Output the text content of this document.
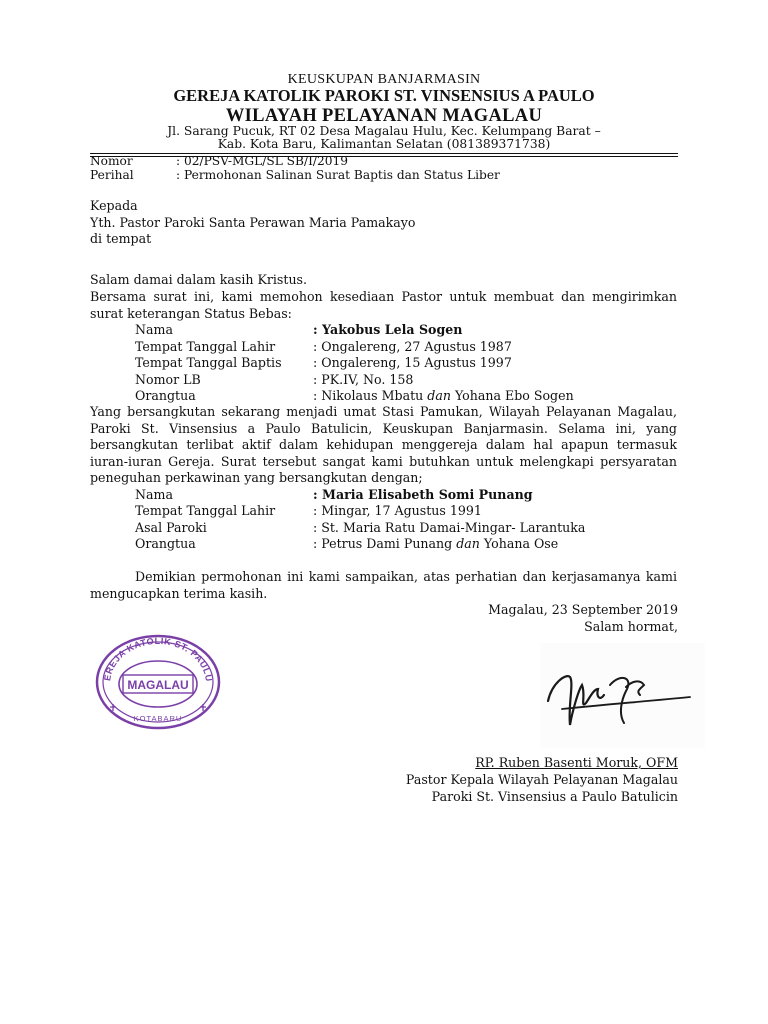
KEUSKUPAN BANJARMASIN
GEREJA KATOLIK PAROKI ST. VINSENSIUS A PAULO
WILAYAH PELAYANAN MAGALAU
Jl. Sarang Pucuk, RT 02 Desa Magalau Hulu, Kec. Kelumpang Barat –
Kab. Kota Baru, Kalimantan Selatan (081389371738)
Nomor	: 02/PSV-MGL/SL SB/I/2019
Perihal	: Permohonan Salinan Surat Baptis dan Status Liber
Kepada
Yth. Pastor Paroki Santa Perawan Maria Pamakayo
di tempat
Salam damai dalam kasih Kristus.
Bersama surat ini, kami memohon kesediaan Pastor untuk membuat dan mengirimkan surat keterangan Status Bebas:
Nama	: Yakobus Lela Sogen
Tempat Tanggal Lahir	: Ongalereng, 27 Agustus 1987
Tempat Tanggal Baptis : Ongalereng, 15 Agustus 1997
Nomor LB	: PK.IV, No. 158
Orangtua	: Nikolaus Mbatu dan Yohana Ebo Sogen
Yang bersangkutan sekarang menjadi umat Stasi Pamukan, Wilayah Pelayanan Magalau, Paroki St. Vinsensius a Paulo Batulicin, Keuskupan Banjarmasin. Selama ini, yang bersangkutan terlibat aktif dalam kehidupan menggereja dalam hal apapun termasuk iuran-iuran Gereja. Surat tersebut sangat kami butuhkan untuk melengkapi persyaratan peneguhan perkawinan yang bersangkutan dengan;
Nama	: Maria Elisabeth Somi Punang
Tempat Tanggal Lahir	: Mingar, 17 Agustus 1991
Asal Paroki	: St. Maria Ratu Damai-Mingar- Larantuka
Orangtua	: Petrus Dami Punang dan Yohana Ose
Demikian permohonan ini kami sampaikan, atas perhatian dan kerjasamanya kami mengucapkan terima kasih.
Magalau, 23 September 2019
Salam hormat,
EREJA KATOLIK ST. PAULU
MAGALAU
KOTABARU
RP. Ruben Basenti Moruk, OFM
Pastor Kepala Wilayah Pelayanan Magalau
Paroki St. Vinsensius a Paulo Batulicin
